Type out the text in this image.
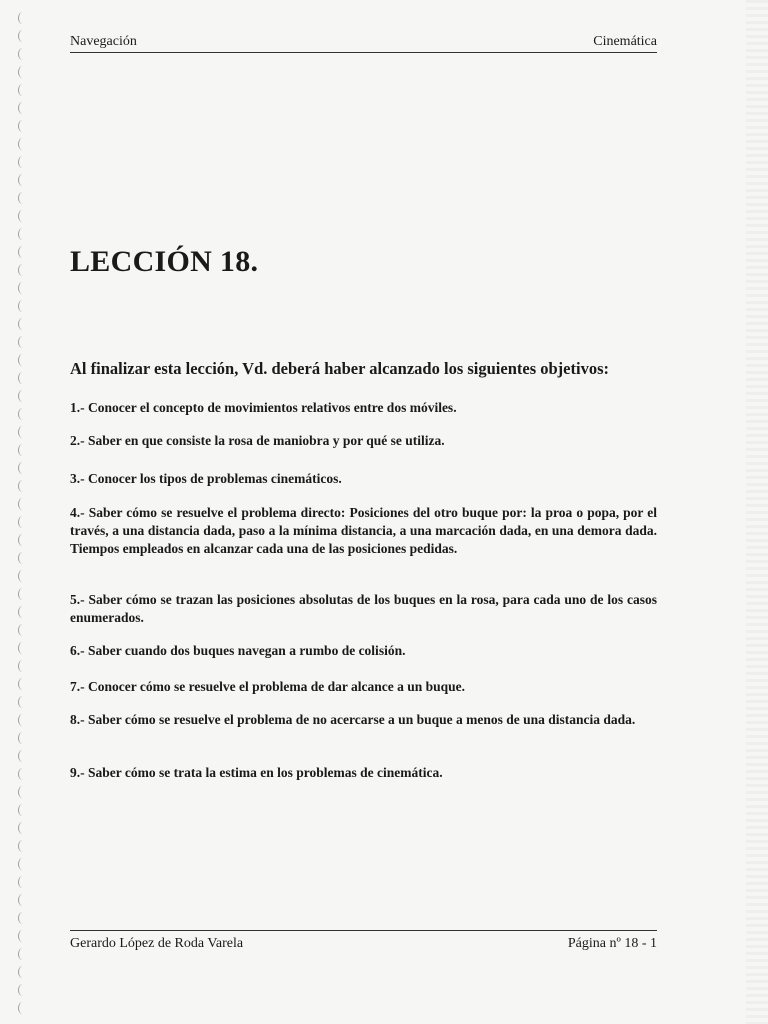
Navegación	Cinemática
LECCIÓN 18.
Al finalizar esta lección, Vd. deberá haber alcanzado los siguientes objetivos:
1.- Conocer el concepto de movimientos relativos entre dos móviles.
2.- Saber en que consiste la rosa de maniobra y por qué se utiliza.
3.- Conocer los tipos de problemas cinemáticos.
4.- Saber cómo se resuelve el problema directo: Posiciones del otro buque por: la proa o popa, por el través, a una distancia dada, paso a la mínima distancia, a una marcación dada, en una demora dada. Tiempos empleados en alcanzar cada una de las posiciones pedidas.
5.- Saber cómo se trazan las posiciones absolutas de los buques en la rosa, para cada uno de los casos enumerados.
6.- Saber cuando dos buques navegan a rumbo de colisión.
7.- Conocer cómo se resuelve el problema de dar alcance a un buque.
8.- Saber cómo se resuelve el problema de no acercarse a un buque a menos de una distancia dada.
9.- Saber cómo se trata la estima en los problemas de cinemática.
Gerardo López de Roda Varela	Página nº 18 - 1
